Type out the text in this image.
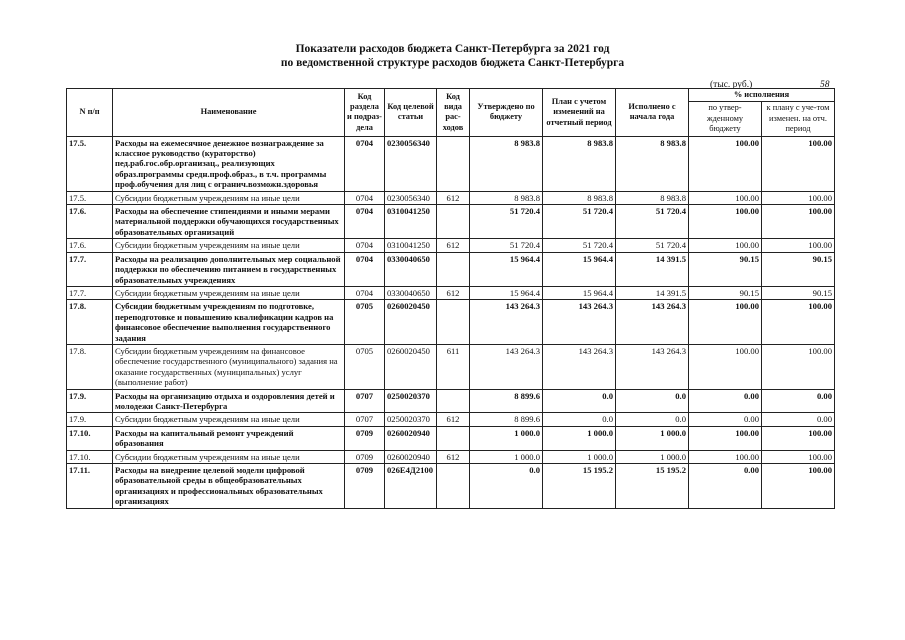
Показатели расходов бюджета Санкт-Петербурга за 2021 год
по ведомственной структуре расходов бюджета Санкт-Петербурга
(тыс. руб.)	58
N п/п	Наименование	Код раздела и подраз-дела	Код целевой статьи	Код вида рас-ходов	Утверждено по бюджету	План с учетом изменений на отчетный период	Исполнено с начала года	% исполнения	
								по утвер-жденному бюджету	к плану с уче-том изменен. на отч. период
17.5.	Расходы на ежемесячное денежное вознаграждение за классное руководство (кураторство) пед.раб.гос.обр.организац., реализующих образ.программы средн.проф.образ., в т.ч. программы проф.обучения для лиц с огранич.возможн.здоровья	0704	0230056340		8 983.8	8 983.8	8 983.8	100.00	100.00
17.5.	Субсидии бюджетным учреждениям на иные цели	0704	0230056340	612	8 983.8	8 983.8	8 983.8	100.00	100.00
17.6.	Расходы на обеспечение стипендиями и иными мерами материальной поддержки обучающихся государственных образовательных организаций	0704	0310041250		51 720.4	51 720.4	51 720.4	100.00	100.00
17.6.	Субсидии бюджетным учреждениям на иные цели	0704	0310041250	612	51 720.4	51 720.4	51 720.4	100.00	100.00
17.7.	Расходы на реализацию дополнительных мер социальной поддержки по обеспечению питанием в государственных образовательных учреждениях	0704	0330040650		15 964.4	15 964.4	14 391.5	90.15	90.15
17.7.	Субсидии бюджетным учреждениям на иные цели	0704	0330040650	612	15 964.4	15 964.4	14 391.5	90.15	90.15
17.8.	Субсидии бюджетным учреждениям по подготовке, переподготовке и повышению квалификации кадров на финансовое обеспечение выполнения государственного задания	0705	0260020450		143 264.3	143 264.3	143 264.3	100.00	100.00
17.8.	Субсидии бюджетным учреждениям на финансовое обеспечение государственного (муниципального) задания на оказание государственных (муниципальных) услуг (выполнение работ)	0705	0260020450	611	143 264.3	143 264.3	143 264.3	100.00	100.00
17.9.	Расходы на организацию отдыха и оздоровления детей и молодежи Санкт-Петербурга	0707	0250020370		8 899.6	0.0	0.0	0.00	0.00
17.9.	Субсидии бюджетным учреждениям на иные цели	0707	0250020370	612	8 899.6	0.0	0.0	0.00	0.00
17.10.	Расходы на капитальный ремонт учреждений образования	0709	0260020940		1 000.0	1 000.0	1 000.0	100.00	100.00
17.10.	Субсидии бюджетным учреждениям на иные цели	0709	0260020940	612	1 000.0	1 000.0	1 000.0	100.00	100.00
17.11.	Расходы на внедрение целевой модели цифровой образовательной среды в общеобразовательных организациях и профессиональных образовательных организациях	0709	026Е4Д2100		0.0	15 195.2	15 195.2	0.00	100.00
